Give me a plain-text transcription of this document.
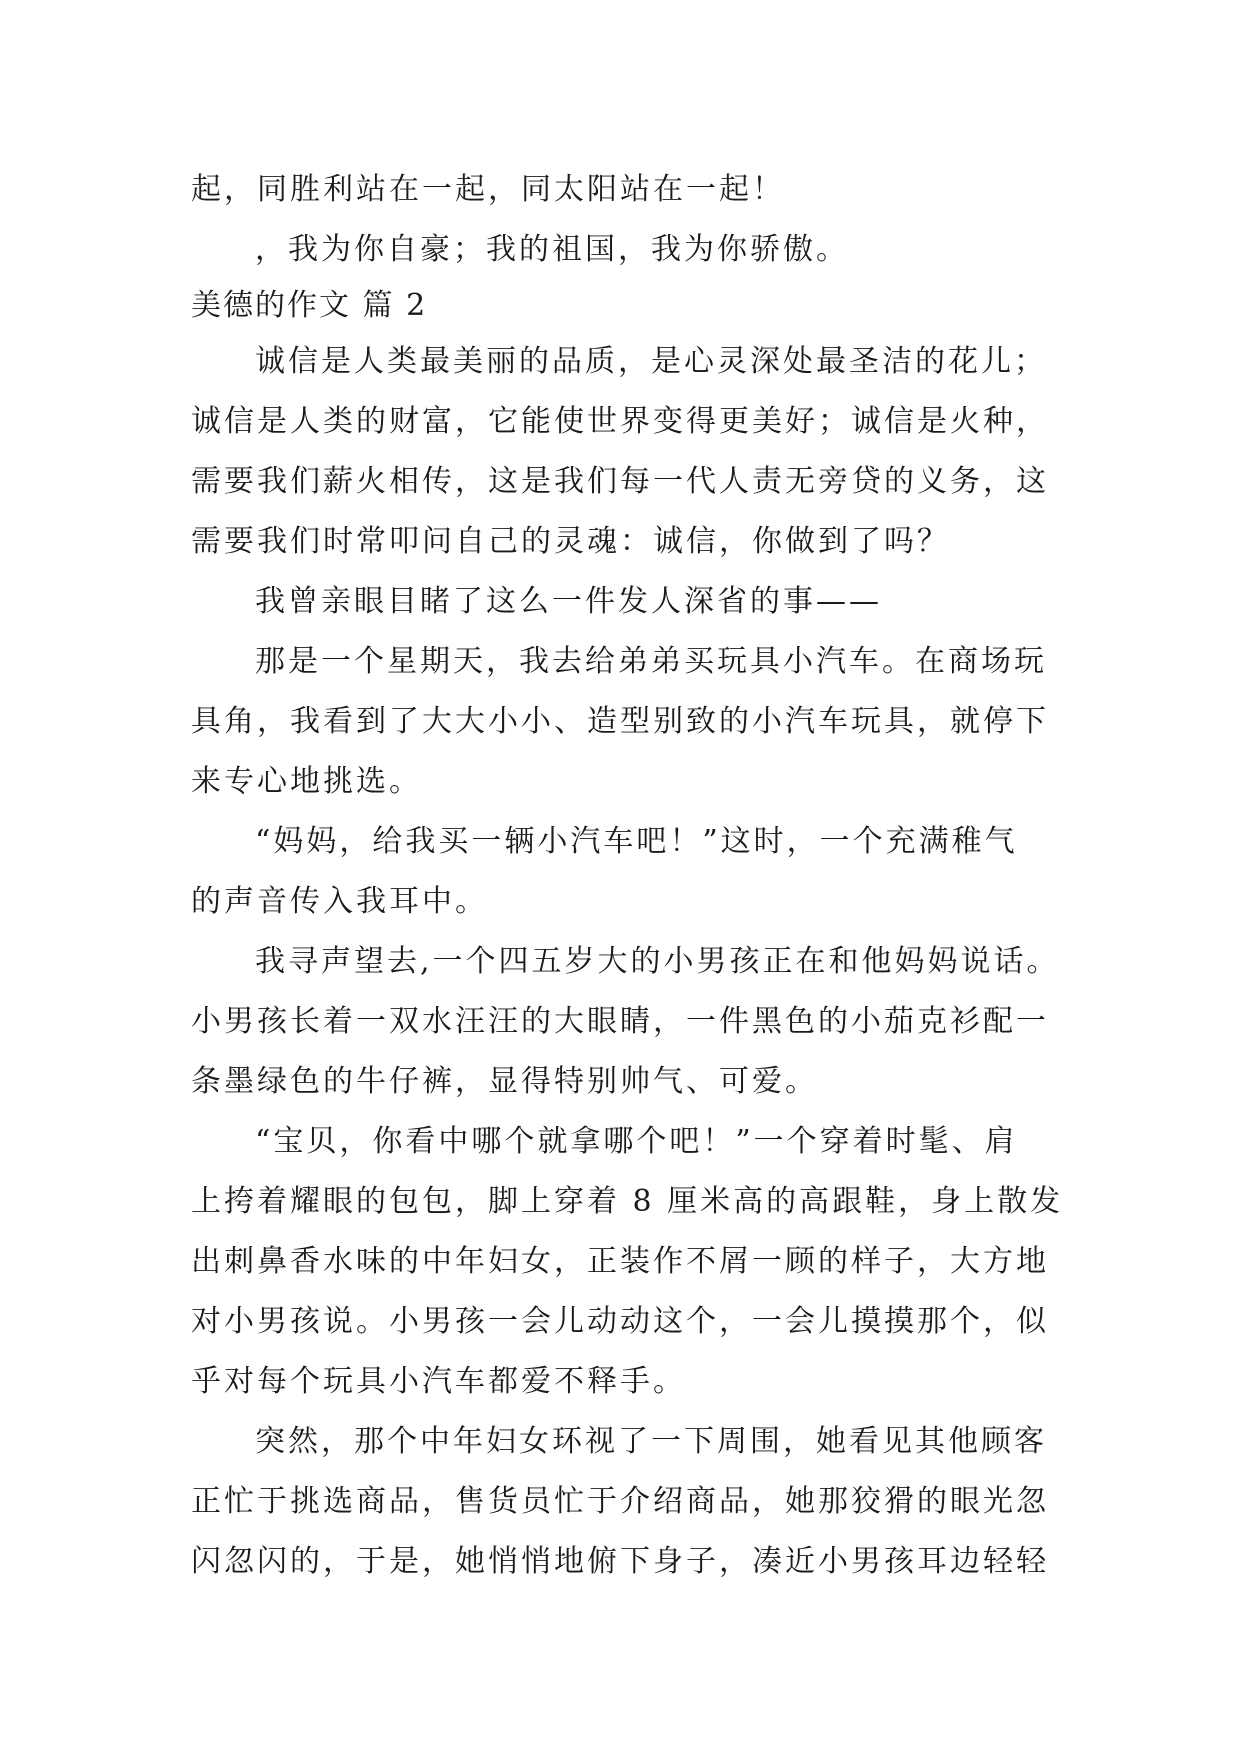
起，同胜利站在一起，同太阳站在一起！

，我为你自豪；我的祖国，我为你骄傲。

美德的作文 篇 2

诚信是人类最美丽的品质，是心灵深处最圣洁的花儿；

诚信是人类的财富，它能使世界变得更美好；诚信是火种，

需要我们薪火相传，这是我们每一代人责无旁贷的义务，这

需要我们时常叩问自己的灵魂：诚信，你做到了吗？

我曾亲眼目睹了这么一件发人深省的事——

那是一个星期天，我去给弟弟买玩具小汽车。在商场玩

具角，我看到了大大小小、造型别致的小汽车玩具，就停下

来专心地挑选。

“妈妈，给我买一辆小汽车吧！”这时，一个充满稚气

的声音传入我耳中。

我寻声望去,一个四五岁大的小男孩正在和他妈妈说话。

小男孩长着一双水汪汪的大眼睛，一件黑色的小茄克衫配一

条墨绿色的牛仔裤，显得特别帅气、可爱。

“宝贝，你看中哪个就拿哪个吧！”一个穿着时髦、肩

上挎着耀眼的包包，脚上穿着 8 厘米高的高跟鞋，身上散发

出刺鼻香水味的中年妇女，正装作不屑一顾的样子，大方地

对小男孩说。小男孩一会儿动动这个，一会儿摸摸那个，似

乎对每个玩具小汽车都爱不释手。

突然，那个中年妇女环视了一下周围，她看见其他顾客

正忙于挑选商品，售货员忙于介绍商品，她那狡猾的眼光忽

闪忽闪的，于是，她悄悄地俯下身子，凑近小男孩耳边轻轻
